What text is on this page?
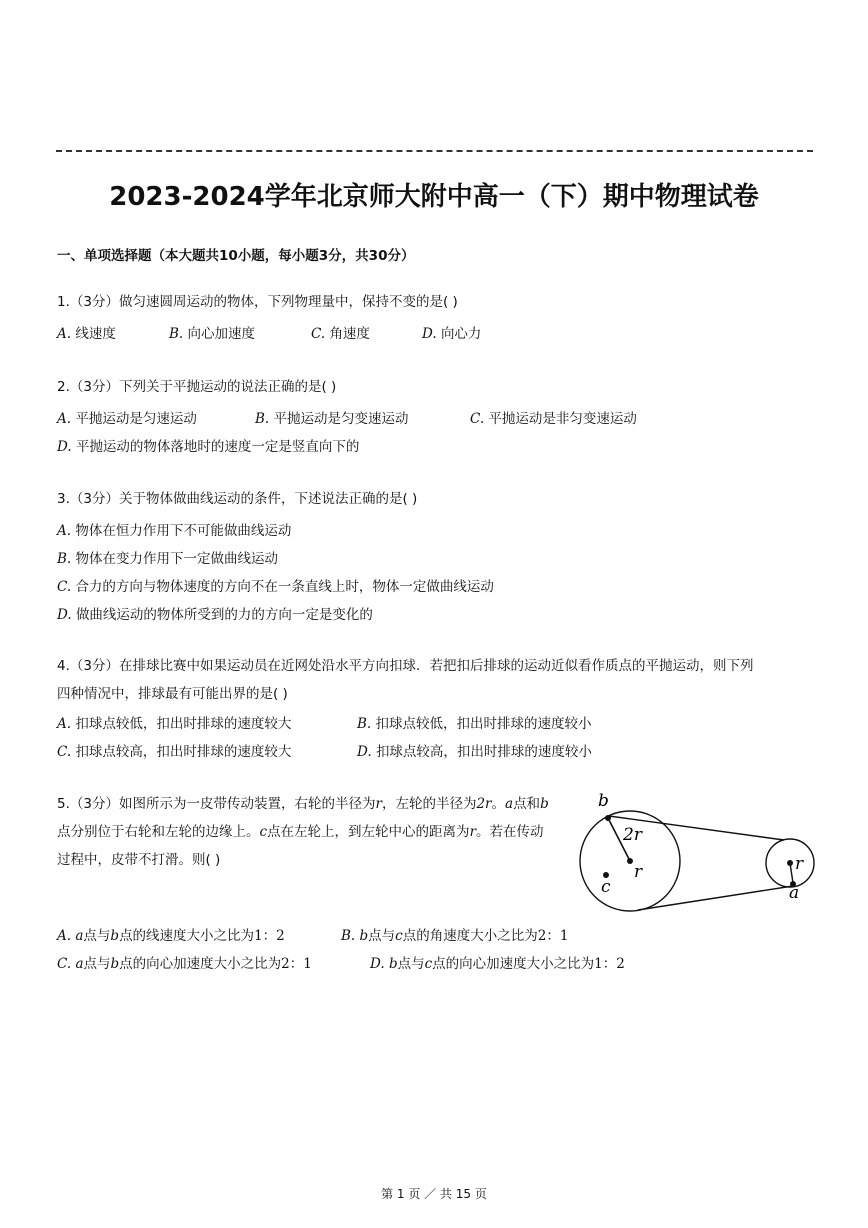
2023-2024学年北京师大附中高一（下）期中物理试卷
一、单项选择题（本大题共10小题，每小题3分，共30分）
1.（3分）做匀速圆周运动的物体，下列物理量中，保持不变的是( )
A. 线速度	B. 向心加速度	C. 角速度	D. 向心力
2.（3分）下列关于平抛运动的说法正确的是( )
A. 平抛运动是匀速运动	B. 平抛运动是匀变速运动	C. 平抛运动是非匀变速运动
D. 平抛运动的物体落地时的速度一定是竖直向下的
3.（3分）关于物体做曲线运动的条件，下述说法正确的是( )
A. 物体在恒力作用下不可能做曲线运动
B. 物体在变力作用下一定做曲线运动
C. 合力的方向与物体速度的方向不在一条直线上时，物体一定做曲线运动
D. 做曲线运动的物体所受到的力的方向一定是变化的
4.（3分）在排球比赛中如果运动员在近网处沿水平方向扣球．若把扣后排球的运动近似看作质点的平抛运动，则下列
四种情况中，排球最有可能出界的是( )
A. 扣球点较低，扣出时排球的速度较大	B. 扣球点较低，扣出时排球的速度较小
C. 扣球点较高，扣出时排球的速度较大	D. 扣球点较高，扣出时排球的速度较小
5.（3分）如图所示为一皮带传动装置，右轮的半径为r，左轮的半径为2r。a点和b
点分别位于右轮和左轮的边缘上。c点在左轮上，到左轮中心的距离为r。若在传动
过程中，皮带不打滑。则( )
b
2r
r
c
r
a
A. a点与b点的线速度大小之比为1：2	B. b点与c点的角速度大小之比为2：1
C. a点与b点的向心加速度大小之比为2：1	D. b点与c点的向心加速度大小之比为1：2
第 1 页 ／ 共 15 页
